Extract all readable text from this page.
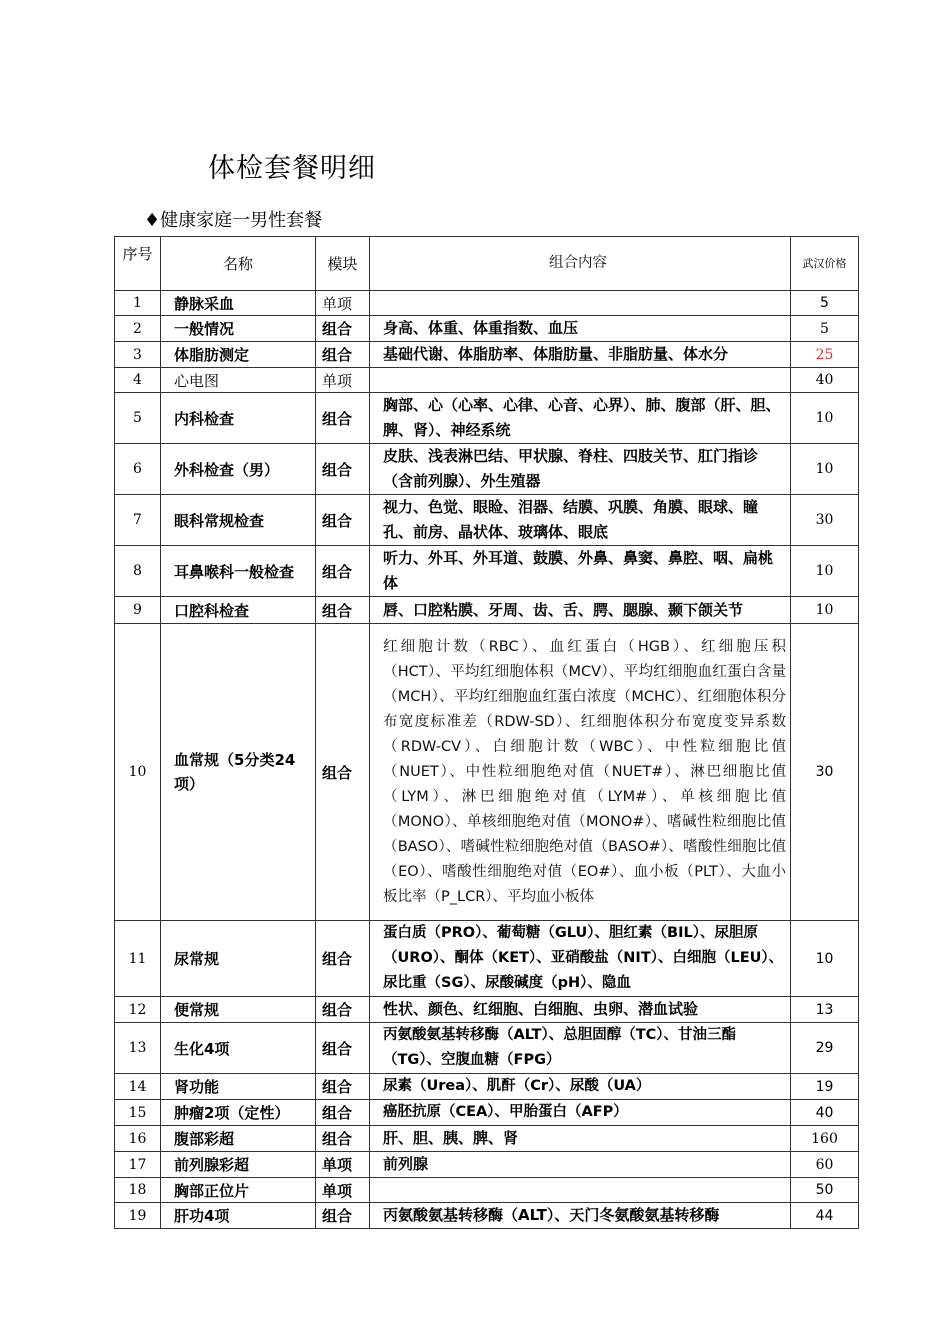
体检套餐明细
♦健康家庭一男性套餐
序号	名称	模块	组合内容	武汉价格
1	静脉采血	单项		5
2	一般情况	组合	身高、体重、体重指数、血压	5
3	体脂肪测定	组合	基础代谢、体脂肪率、体脂肪量、非脂肪量、体水分	25
4	心电图	单项		40
5	内科检查	组合	胸部、心（心率、心律、心音、心界）、肺、腹部（肝、胆、脾、肾）、神经系统	10
6	外科检查（男）	组合	皮肤、浅表淋巴结、甲状腺、脊柱、四肢关节、肛门指诊（含前列腺）、外生殖器	10
7	眼科常规检查	组合	视力、色觉、眼睑、泪器、结膜、巩膜、角膜、眼球、瞳孔、前房、晶状体、玻璃体、眼底	30
8	耳鼻喉科一般检查	组合	听力、外耳、外耳道、鼓膜、外鼻、鼻窦、鼻腔、咽、扁桃体	10
9	口腔科检查	组合	唇、口腔粘膜、牙周、齿、舌、腭、腮腺、颞下颌关节	10
10	血常规（5分类24项）	组合	红细胞计数（RBC）、血红蛋白（HGB）、红细胞压积（HCT）、平均红细胞体积（MCV）、平均红细胞血红蛋白含量（MCH）、平均红细胞血红蛋白浓度（MCHC）、红细胞体积分布宽度标准差（RDW-SD）、红细胞体积分布宽度变异系数（RDW-CV）、白细胞计数（WBC）、中性粒细胞比值（NUET）、中性粒细胞绝对值（NUET#）、淋巴细胞比值（LYM）、淋巴细胞绝对值（LYM#）、单核细胞比值（MONO）、单核细胞绝对值（MONO#）、嗜碱性粒细胞比值（BASO）、嗜碱性粒细胞绝对值（BASO#）、嗜酸性细胞比值（EO）、嗜酸性细胞绝对值（EO#）、血小板（PLT）、大血小板比率（P_LCR）、平均血小板体	30
11	尿常规	组合	蛋白质（PRO）、葡萄糖（GLU）、胆红素（BIL）、尿胆原（URO）、酮体（KET）、亚硝酸盐（NIT）、白细胞（LEU）、尿比重（SG）、尿酸碱度（pH）、隐血	10
12	便常规	组合	性状、颜色、红细胞、白细胞、虫卵、潜血试验	13
13	生化4项	组合	丙氨酸氨基转移酶（ALT）、总胆固醇（TC）、甘油三酯（TG）、空腹血糖（FPG）	29
14	肾功能	组合	尿素（Urea）、肌酐（Cr）、尿酸（UA）	19
15	肿瘤2项（定性）	组合	癌胚抗原（CEA）、甲胎蛋白（AFP）	40
16	腹部彩超	组合	肝、胆、胰、脾、肾	160
17	前列腺彩超	单项	前列腺	60
18	胸部正位片	单项		50
19	肝功4项	组合	丙氨酸氨基转移酶（ALT）、天门冬氨酸氨基转移酶	44
